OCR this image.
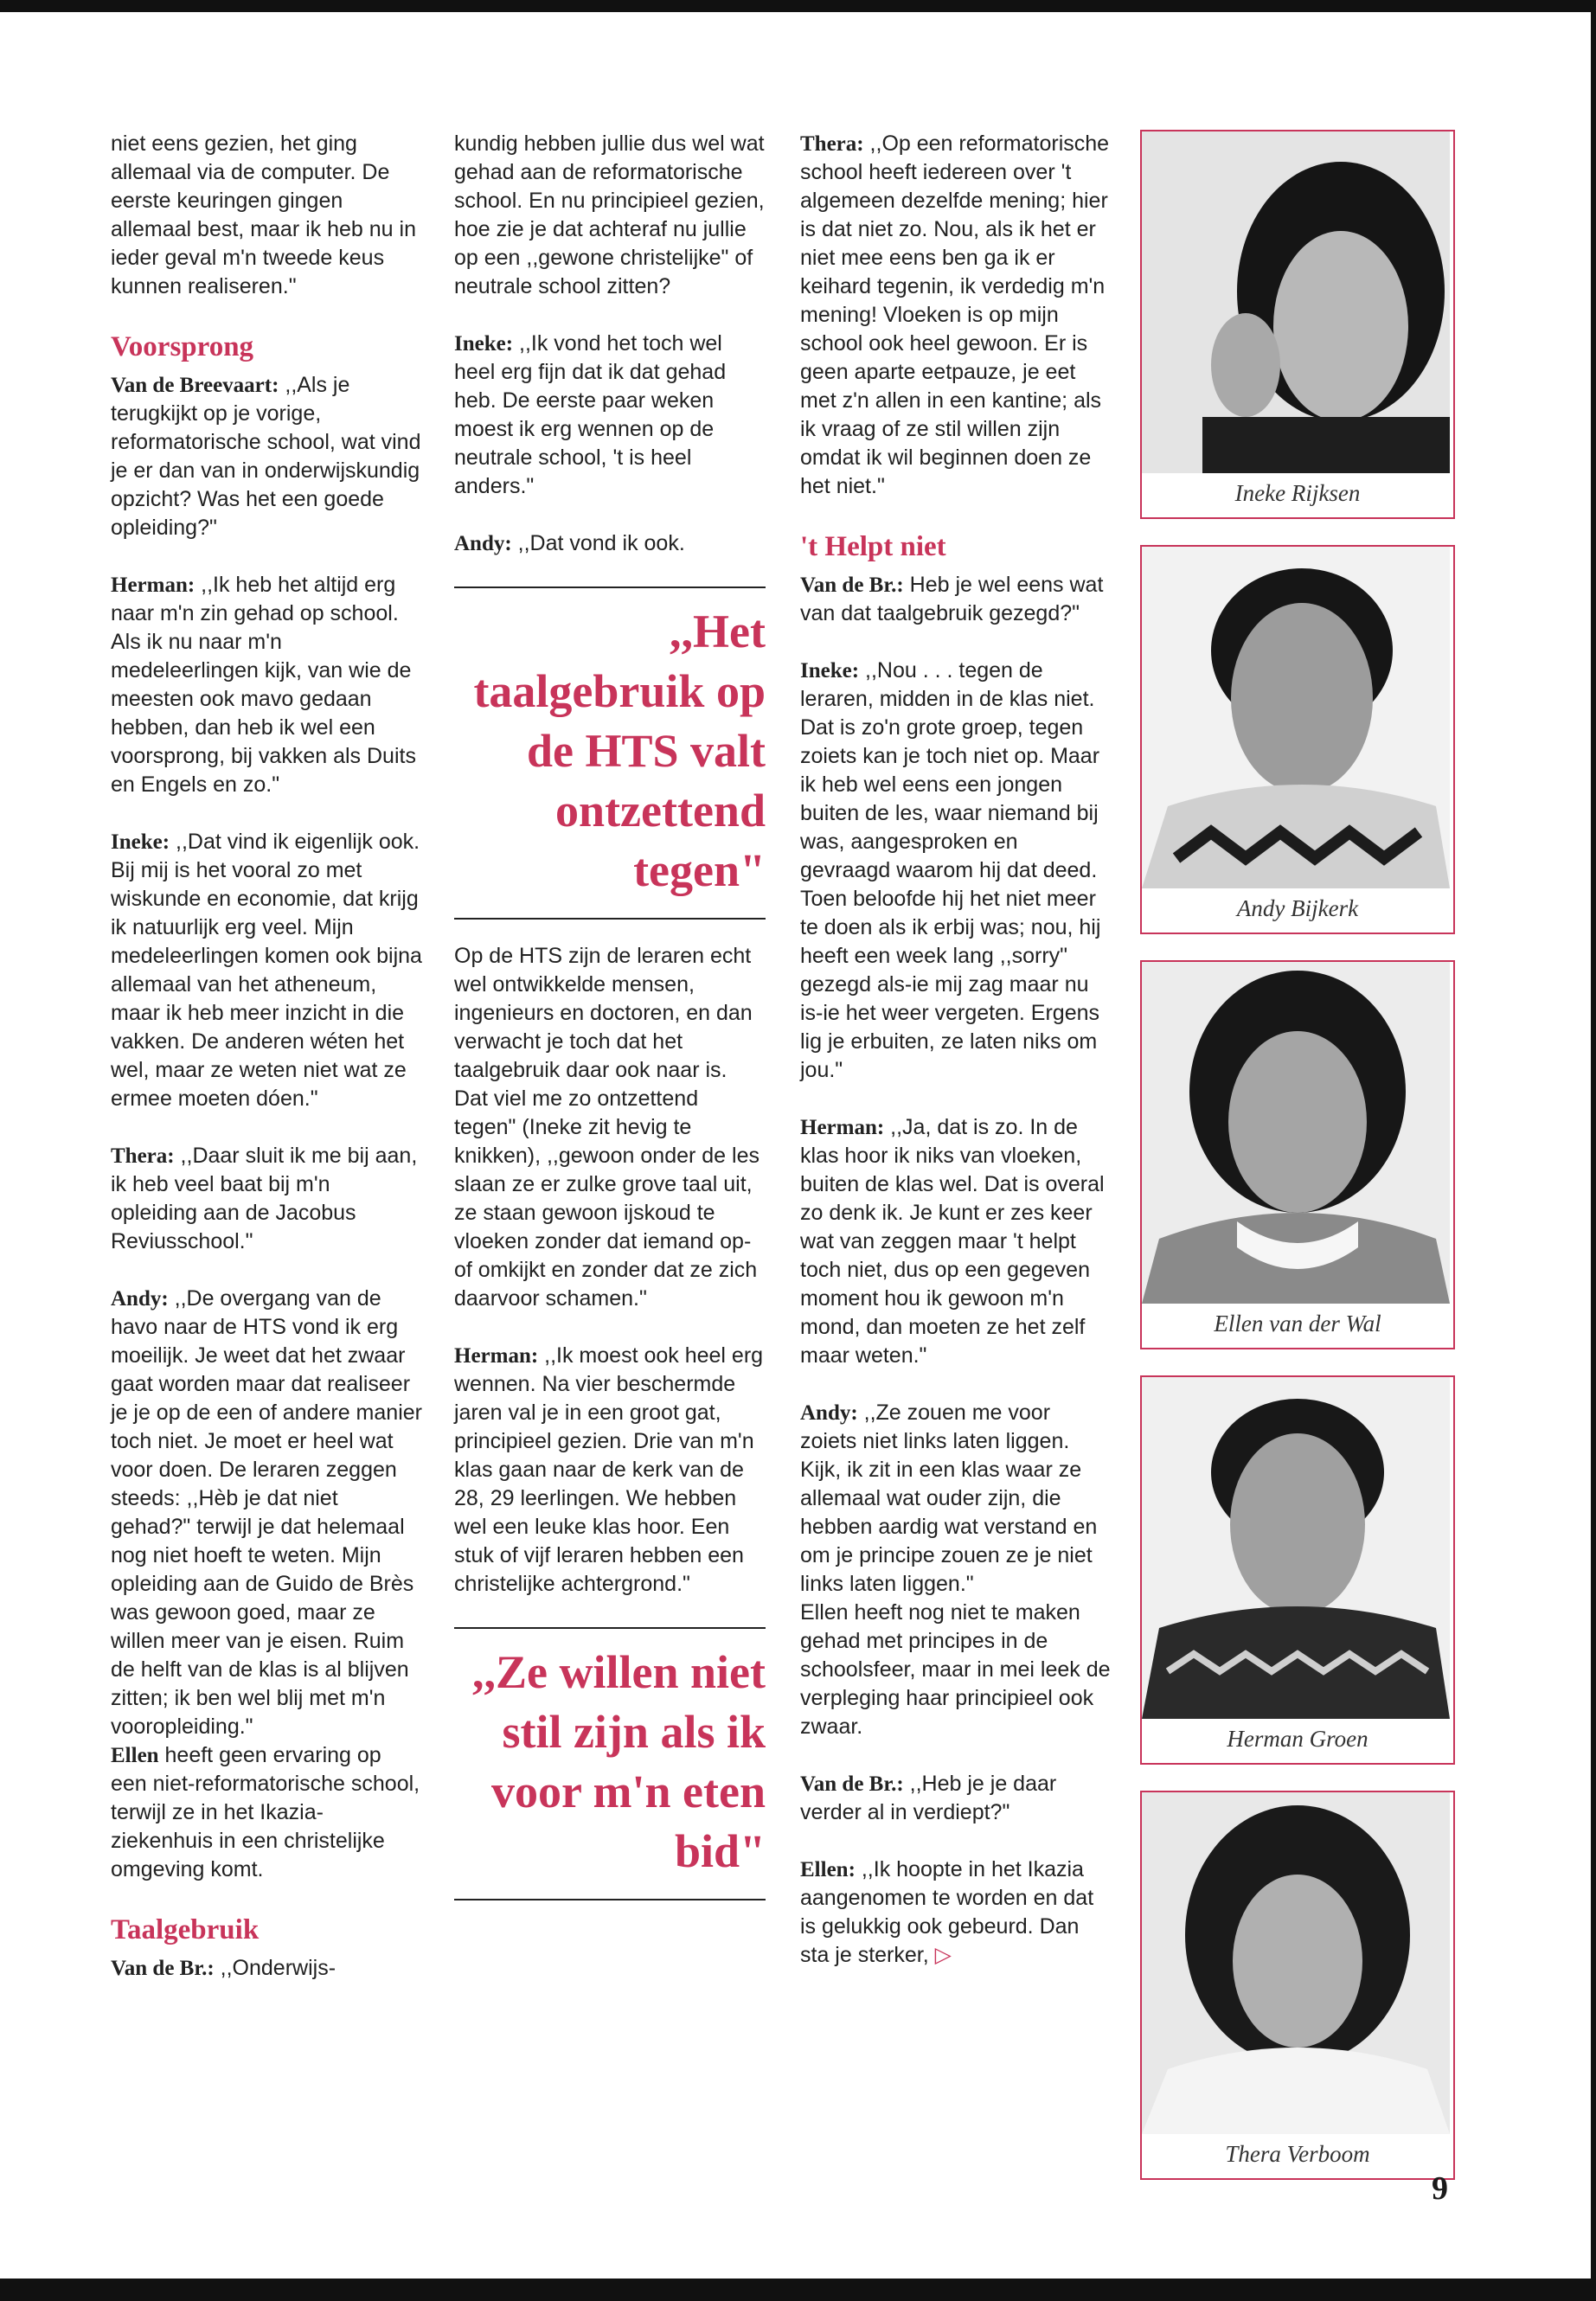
niet eens gezien, het ging allemaal via de computer. De eerste keuringen gingen allemaal best, maar ik heb nu in ieder geval m'n tweede keus kunnen realiseren."

Voorsprong

Van de Breevaart: ,,Als je terugkijkt op je vorige, reformatorische school, wat vind je er dan van in onderwijskundig opzicht? Was het een goede opleiding?"

Herman: ,,Ik heb het altijd erg naar m'n zin gehad op school. Als ik nu naar m'n medeleerlingen kijk, van wie de meesten ook mavo gedaan hebben, dan heb ik wel een voorsprong, bij vakken als Duits en Engels en zo."

Ineke: ,,Dat vind ik eigenlijk ook. Bij mij is het vooral zo met wiskunde en economie, dat krijg ik natuurlijk erg veel. Mijn medeleerlingen komen ook bijna allemaal van het atheneum, maar ik heb meer inzicht in die vakken. De anderen wéten het wel, maar ze weten niet wat ze ermee moeten dóen."

Thera: ,,Daar sluit ik me bij aan, ik heb veel baat bij m'n opleiding aan de Jacobus Reviusschool."

Andy: ,,De overgang van de havo naar de HTS vond ik erg moeilijk. Je weet dat het zwaar gaat worden maar dat realiseer je je op de een of andere manier toch niet. Je moet er heel wat voor doen. De leraren zeggen steeds: ,,Hèb je dat niet gehad?" terwijl je dat helemaal nog niet hoeft te weten. Mijn opleiding aan de Guido de Brès was gewoon goed, maar ze willen meer van je eisen. Ruim de helft van de klas is al blijven zitten; ik ben wel blij met m'n vooropleiding."

Ellen heeft geen ervaring op een niet-reformatorische school, terwijl ze in het Ikazia-ziekenhuis in een christelijke omgeving komt.

Taalgebruik

Van de Br.: ,,Onderwijs-

kundig hebben jullie dus wel wat gehad aan de reformatorische school. En nu principieel gezien, hoe zie je dat achteraf nu jullie op een ,,gewone christelijke" of neutrale school zitten?

Ineke: ,,Ik vond het toch wel heel erg fijn dat ik dat gehad heb. De eerste paar weken moest ik erg wennen op de neutrale school, 't is heel anders."

Andy: ,,Dat vond ik ook.

,,Het taalgebruik op de HTS valt ontzettend tegen"

Op de HTS zijn de leraren echt wel ontwikkelde mensen, ingenieurs en doctoren, en dan verwacht je toch dat het taalgebruik daar ook naar is. Dat viel me zo ontzettend tegen" (Ineke zit hevig te knikken), ,,gewoon onder de les slaan ze er zulke grove taal uit, ze staan gewoon ijskoud te vloeken zonder dat iemand op- of omkijkt en zonder dat ze zich daarvoor schamen."

Herman: ,,Ik moest ook heel erg wennen. Na vier beschermde jaren val je in een groot gat, principieel gezien. Drie van m'n klas gaan naar de kerk van de 28, 29 leerlingen. We hebben wel een leuke klas hoor. Een stuk of vijf leraren hebben een christelijke achtergrond."

,,Ze willen niet stil zijn als ik voor m'n eten bid"

Thera: ,,Op een reformatorische school heeft iedereen over 't algemeen dezelfde mening; hier is dat niet zo. Nou, als ik het er niet mee eens ben ga ik er keihard tegenin, ik verdedig m'n mening! Vloeken is op mijn school ook heel gewoon. Er is geen aparte eetpauze, je eet met z'n allen in een kantine; als ik vraag of ze stil willen zijn omdat ik wil beginnen doen ze het niet."

't Helpt niet

Van de Br.: Heb je wel eens wat van dat taalgebruik gezegd?"

Ineke: ,,Nou . . . tegen de leraren, midden in de klas niet. Dat is zo'n grote groep, tegen zoiets kan je toch niet op. Maar ik heb wel eens een jongen buiten de les, waar niemand bij was, aangesproken en gevraagd waarom hij dat deed. Toen beloofde hij het niet meer te doen als ik erbij was; nou, hij heeft een week lang ,,sorry" gezegd als-ie mij zag maar nu is-ie het weer vergeten. Ergens lig je erbuiten, ze laten niks om jou."

Herman: ,,Ja, dat is zo. In de klas hoor ik niks van vloeken, buiten de klas wel. Dat is overal zo denk ik. Je kunt er zes keer wat van zeggen maar 't helpt toch niet, dus op een gegeven moment hou ik gewoon m'n mond, dan moeten ze het zelf maar weten."

Andy: ,,Ze zouen me voor zoiets niet links laten liggen. Kijk, ik zit in een klas waar ze allemaal wat ouder zijn, die hebben aardig wat verstand en om je principe zouen ze je niet links laten liggen."

Ellen heeft nog niet te maken gehad met principes in de schoolsfeer, maar in mei leek de verpleging haar principieel ook zwaar.

Van de Br.: ,,Heb je je daar verder al in verdiept?"

Ellen: ,,Ik hoopte in het Ikazia aangenomen te worden en dat is gelukkig ook gebeurd. Dan sta je sterker, ▷

Ineke Rijksen
Andy Bijkerk
Ellen van der Wal
Herman Groen
Thera Verboom
9
